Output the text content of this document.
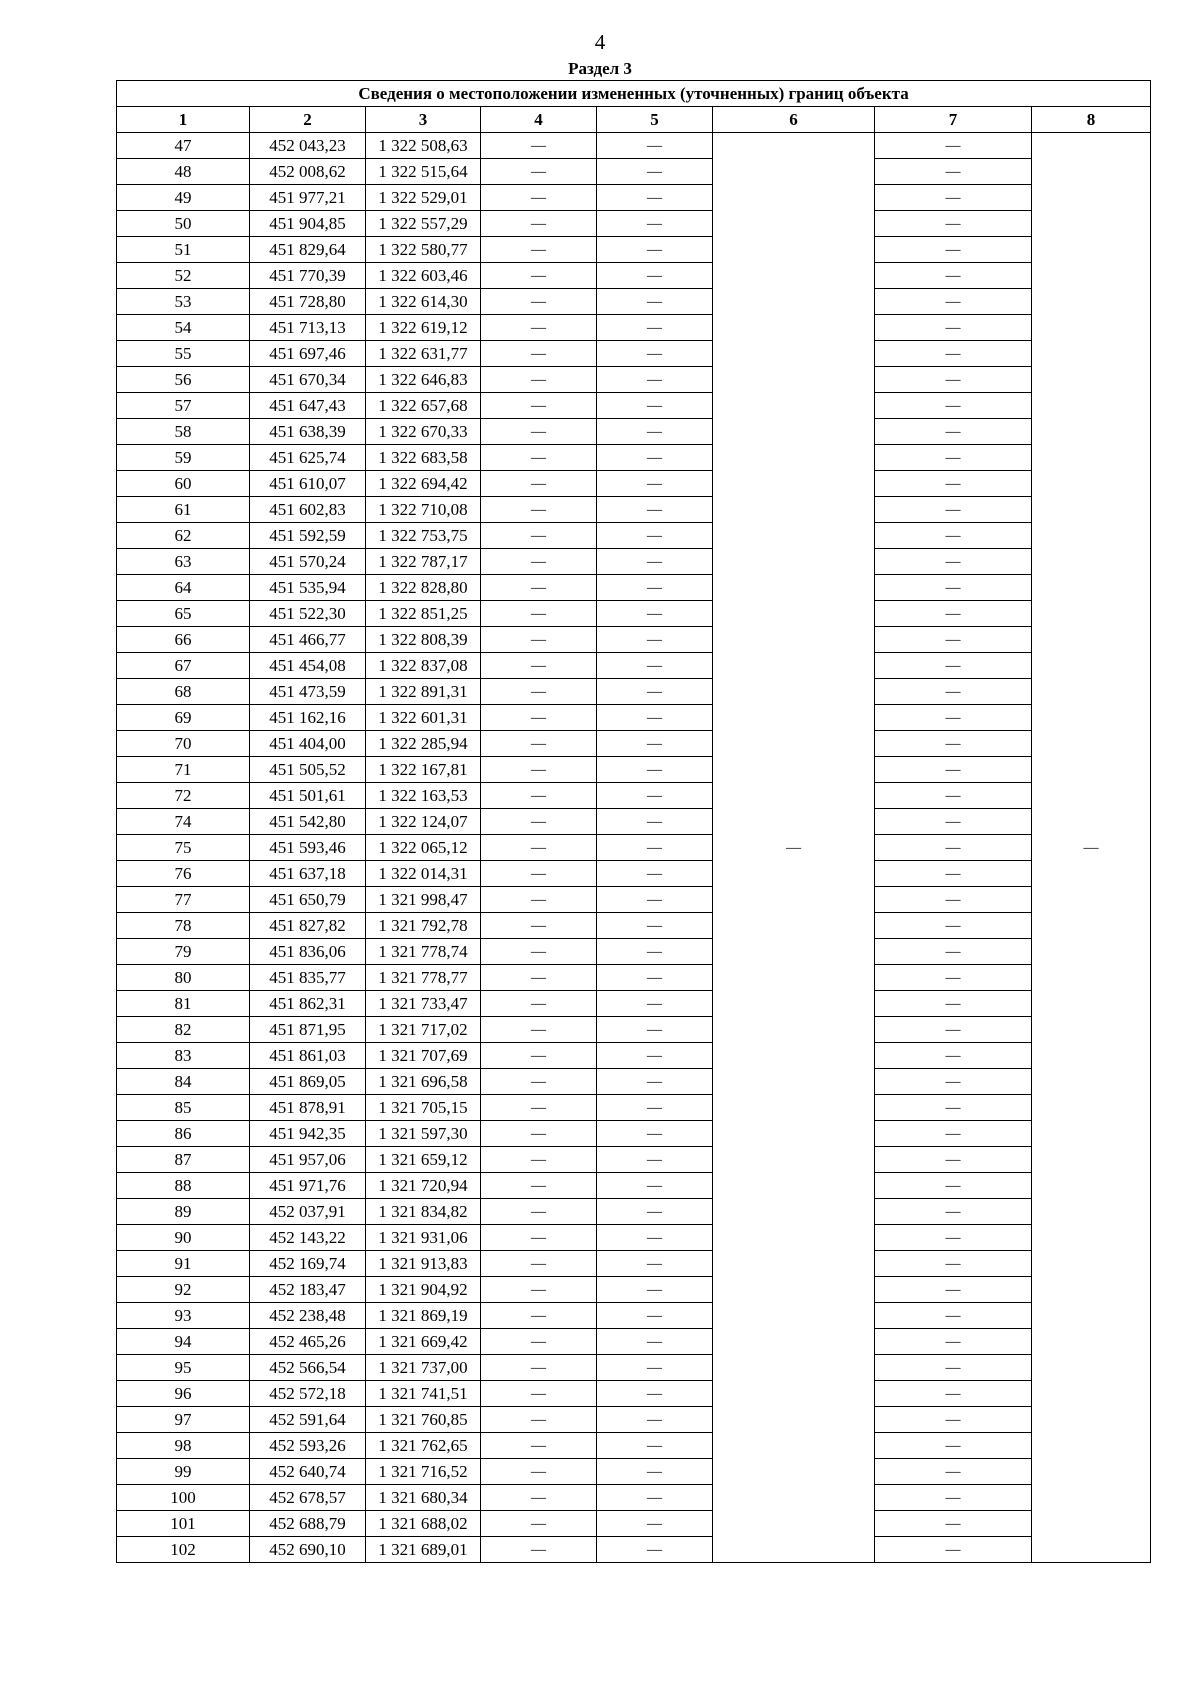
4
Раздел 3
Сведения о местоположении измененных (уточненных) границ объекта							
1	2	3	4	5	6	7	8
47	452 043,23	1 322 508,63	—	—	—	—	—
48	452 008,62	1 322 515,64	—	—		—	
49	451 977,21	1 322 529,01	—	—		—	
50	451 904,85	1 322 557,29	—	—		—	
51	451 829,64	1 322 580,77	—	—		—	
52	451 770,39	1 322 603,46	—	—		—	
53	451 728,80	1 322 614,30	—	—		—	
54	451 713,13	1 322 619,12	—	—		—	
55	451 697,46	1 322 631,77	—	—		—	
56	451 670,34	1 322 646,83	—	—		—	
57	451 647,43	1 322 657,68	—	—		—	
58	451 638,39	1 322 670,33	—	—		—	
59	451 625,74	1 322 683,58	—	—		—	
60	451 610,07	1 322 694,42	—	—		—	
61	451 602,83	1 322 710,08	—	—		—	
62	451 592,59	1 322 753,75	—	—		—	
63	451 570,24	1 322 787,17	—	—		—	
64	451 535,94	1 322 828,80	—	—		—	
65	451 522,30	1 322 851,25	—	—		—	
66	451 466,77	1 322 808,39	—	—		—	
67	451 454,08	1 322 837,08	—	—		—	
68	451 473,59	1 322 891,31	—	—		—	
69	451 162,16	1 322 601,31	—	—		—	
70	451 404,00	1 322 285,94	—	—		—	
71	451 505,52	1 322 167,81	—	—		—	
72	451 501,61	1 322 163,53	—	—		—	
74	451 542,80	1 322 124,07	—	—		—	
75	451 593,46	1 322 065,12	—	—		—	
76	451 637,18	1 322 014,31	—	—		—	
77	451 650,79	1 321 998,47	—	—		—	
78	451 827,82	1 321 792,78	—	—		—	
79	451 836,06	1 321 778,74	—	—		—	
80	451 835,77	1 321 778,77	—	—		—	
81	451 862,31	1 321 733,47	—	—		—	
82	451 871,95	1 321 717,02	—	—		—	
83	451 861,03	1 321 707,69	—	—		—	
84	451 869,05	1 321 696,58	—	—		—	
85	451 878,91	1 321 705,15	—	—		—	
86	451 942,35	1 321 597,30	—	—		—	
87	451 957,06	1 321 659,12	—	—		—	
88	451 971,76	1 321 720,94	—	—		—	
89	452 037,91	1 321 834,82	—	—		—	
90	452 143,22	1 321 931,06	—	—		—	
91	452 169,74	1 321 913,83	—	—		—	
92	452 183,47	1 321 904,92	—	—		—	
93	452 238,48	1 321 869,19	—	—		—	
94	452 465,26	1 321 669,42	—	—		—	
95	452 566,54	1 321 737,00	—	—		—	
96	452 572,18	1 321 741,51	—	—		—	
97	452 591,64	1 321 760,85	—	—		—	
98	452 593,26	1 321 762,65	—	—		—	
99	452 640,74	1 321 716,52	—	—		—	
100	452 678,57	1 321 680,34	—	—		—	
101	452 688,79	1 321 688,02	—	—		—	
102	452 690,10	1 321 689,01	—	—		—	
